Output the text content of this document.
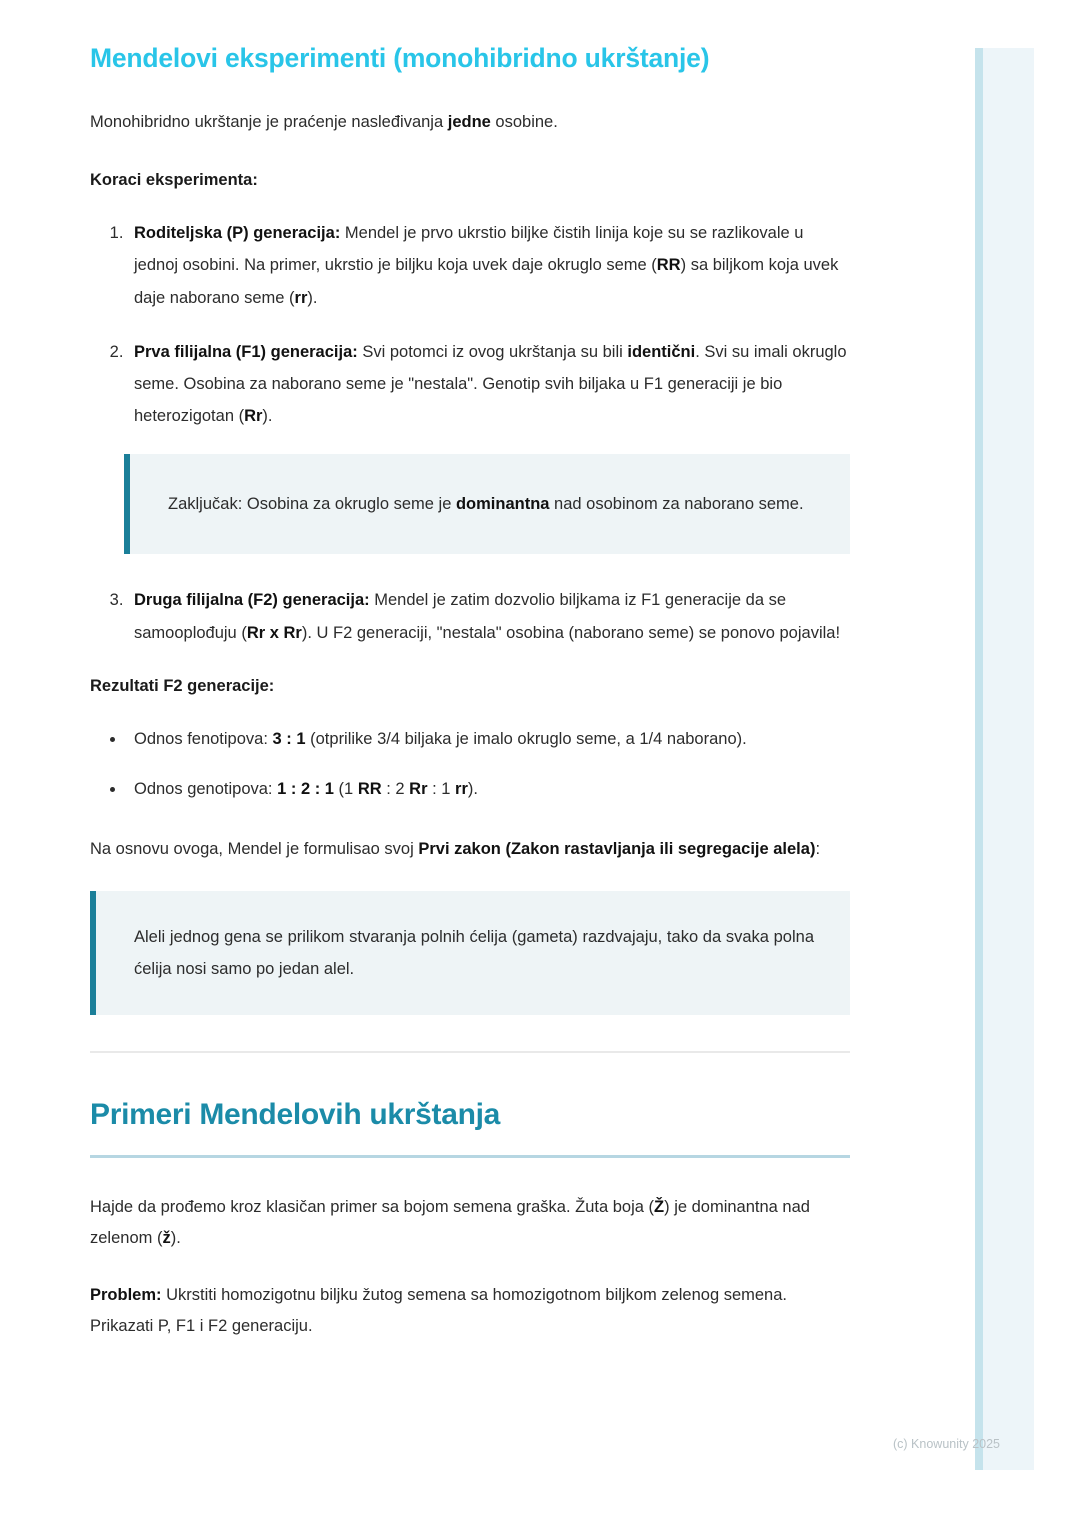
Mendelovi eksperimenti (monohibridno ukrštanje)

Monohibridno ukrštanje je praćenje nasleđivanja jedne osobine.

Koraci eksperimenta:

1. Roditeljska (P) generacija: Mendel je prvo ukrstio biljke čistih linija koje su se razlikovale u jednoj osobini. Na primer, ukrstio je biljku koja uvek daje okruglo seme (RR) sa biljkom koja uvek daje naborano seme (rr).
2. Prva filijalna (F1) generacija: Svi potomci iz ovog ukrštanja su bili identični. Svi su imali okruglo seme. Osobina za naborano seme je "nestala". Genotip svih biljaka u F1 generaciji je bio heterozigotan (Rr).

Zaključak: Osobina za okruglo seme je dominantna nad osobinom za naborano seme.

3. Druga filijalna (F2) generacija: Mendel je zatim dozvolio biljkama iz F1 generacije da se samooplođuju (Rr x Rr). U F2 generaciji, "nestala" osobina (naborano seme) se ponovo pojavila!

Rezultati F2 generacije:

• Odnos fenotipova: 3 : 1 (otprilike 3/4 biljaka je imalo okruglo seme, a 1/4 naborano).
• Odnos genotipova: 1 : 2 : 1 (1 RR : 2 Rr : 1 rr).

Na osnovu ovoga, Mendel je formulisao svoj Prvi zakon (Zakon rastavljanja ili segregacije alela):

Aleli jednog gena se prilikom stvaranja polnih ćelija (gameta) razdvajaju, tako da svaka polna ćelija nosi samo po jedan alel.

Primeri Mendelovih ukrštanja

Hajde da prođemo kroz klasičan primer sa bojom semena graška. Žuta boja (Ž) je dominantna nad zelenom (ž).

Problem: Ukrstiti homozigotnu biljku žutog semena sa homozigotnom biljkom zelenog semena. Prikazati P, F1 i F2 generaciju.

(c) Knowunity 2025
